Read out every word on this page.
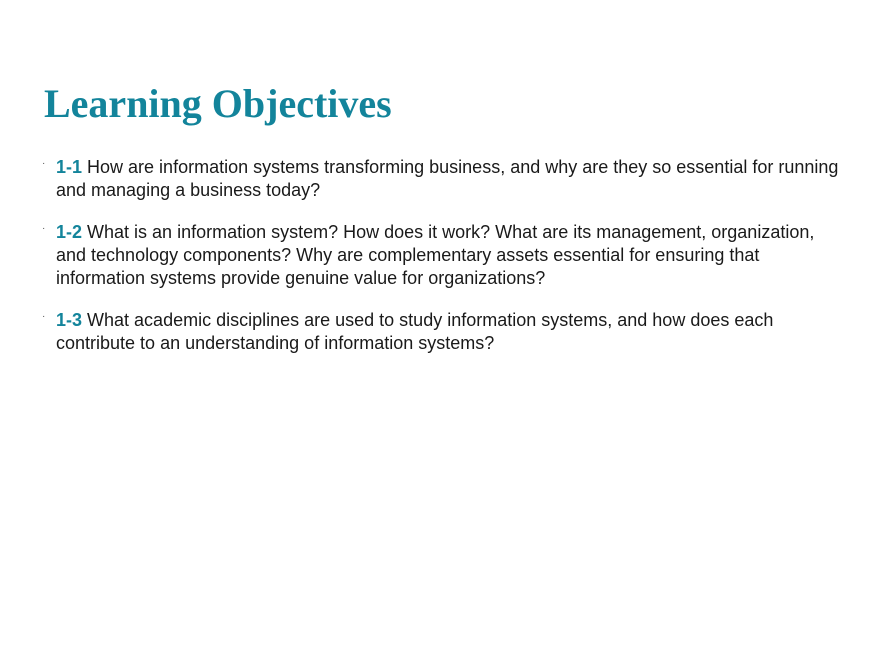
Learning Objectives
· 1-1 How are information systems transforming business, and why are they so essential for running and managing a business today?
· 1-2 What is an information system? How does it work? What are its management, organization, and technology components? Why are complementary assets essential for ensuring that information systems provide genuine value for organizations?
· 1-3 What academic disciplines are used to study information systems, and how does each contribute to an understanding of information systems?
